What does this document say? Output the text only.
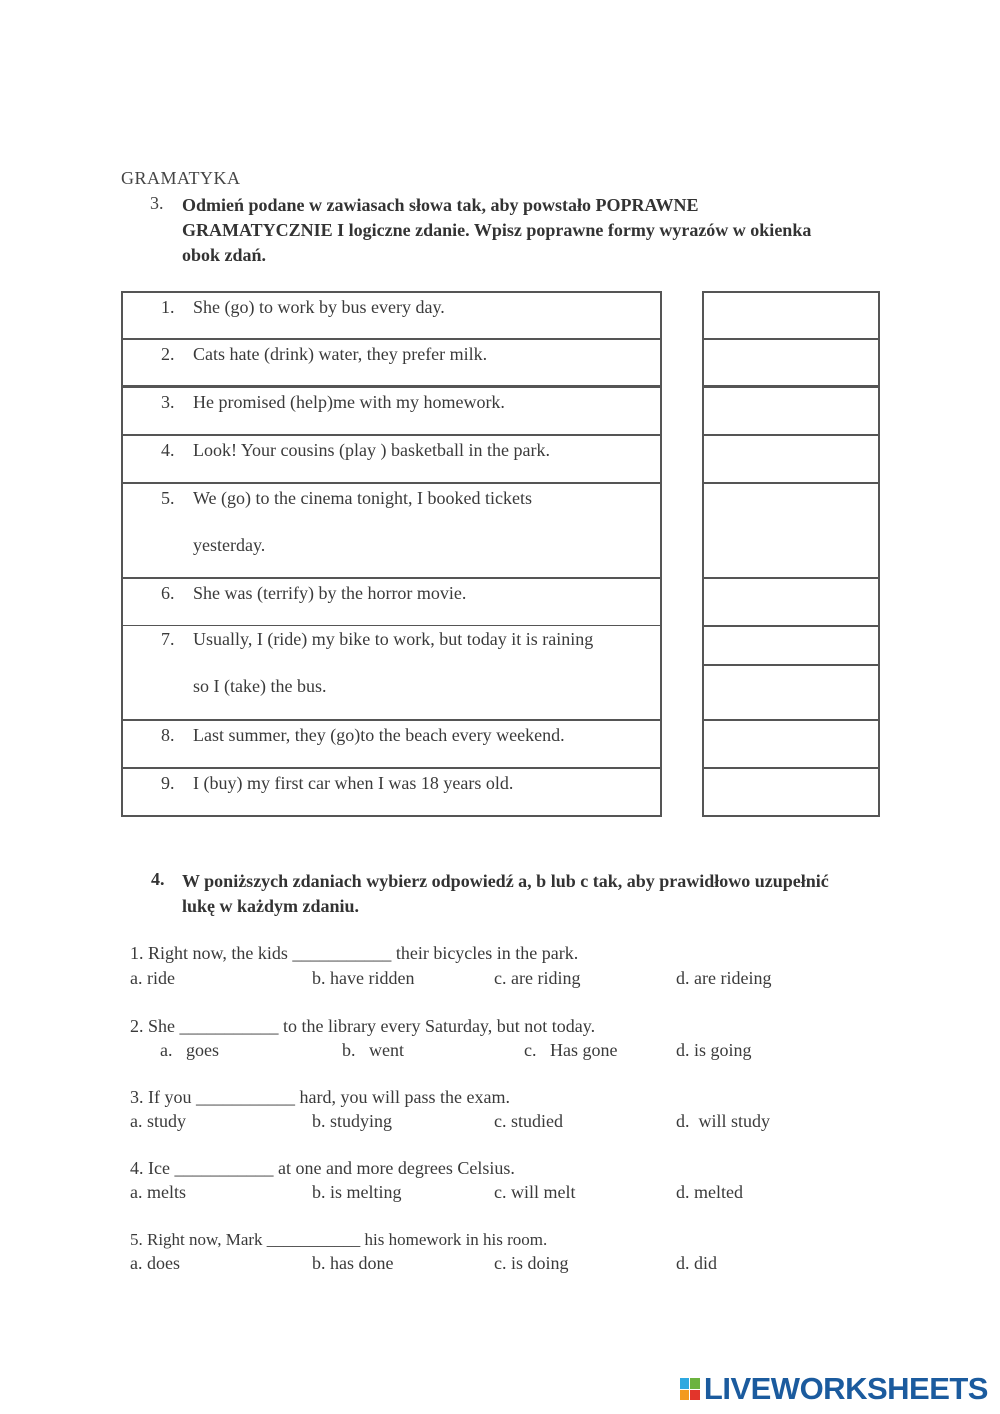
GRAMATYKA
3. Odmień podane w zawiasach słowa tak, aby powstało POPRAWNE GRAMATYCZNIE I logiczne zdanie. Wpisz poprawne formy wyrazów w okienka obok zdań.
1. She (go) to work by bus every day.
2. Cats hate (drink) water, they prefer milk.
3. He promised (help)me with my homework.
4. Look! Your cousins (play ) basketball in the park.
5. We (go) to the cinema tonight, I booked tickets
yesterday.
6. She was (terrify) by the horror movie.
7. Usually, I (ride) my bike to work, but today it is raining
so I (take) the bus.
8. Last summer, they (go)to the beach every weekend.
9. I (buy) my first car when I was 18 years old.
4. W poniższych zdaniach wybierz odpowiedź a, b lub c tak, aby prawidłowo uzupełnić lukę w każdym zdaniu.
1. Right now, the kids ___________ their bicycles in the park.
a. ride	b. have ridden	c. are riding	d. are rideing
2. She ___________ to the library every Saturday, but not today.
a.   goes	b.   went	c.   Has gone	d. is going
3. If you ___________ hard, you will pass the exam.
a. study	b. studying	c. studied	d.  will study
4. Ice ___________ at one and more degrees Celsius.
a. melts	b. is melting	c. will melt	d. melted
5. Right now, Mark ___________ his homework in his room.
a. does	b. has done	c. is doing	d. did
LIVEWORKSHEETS
